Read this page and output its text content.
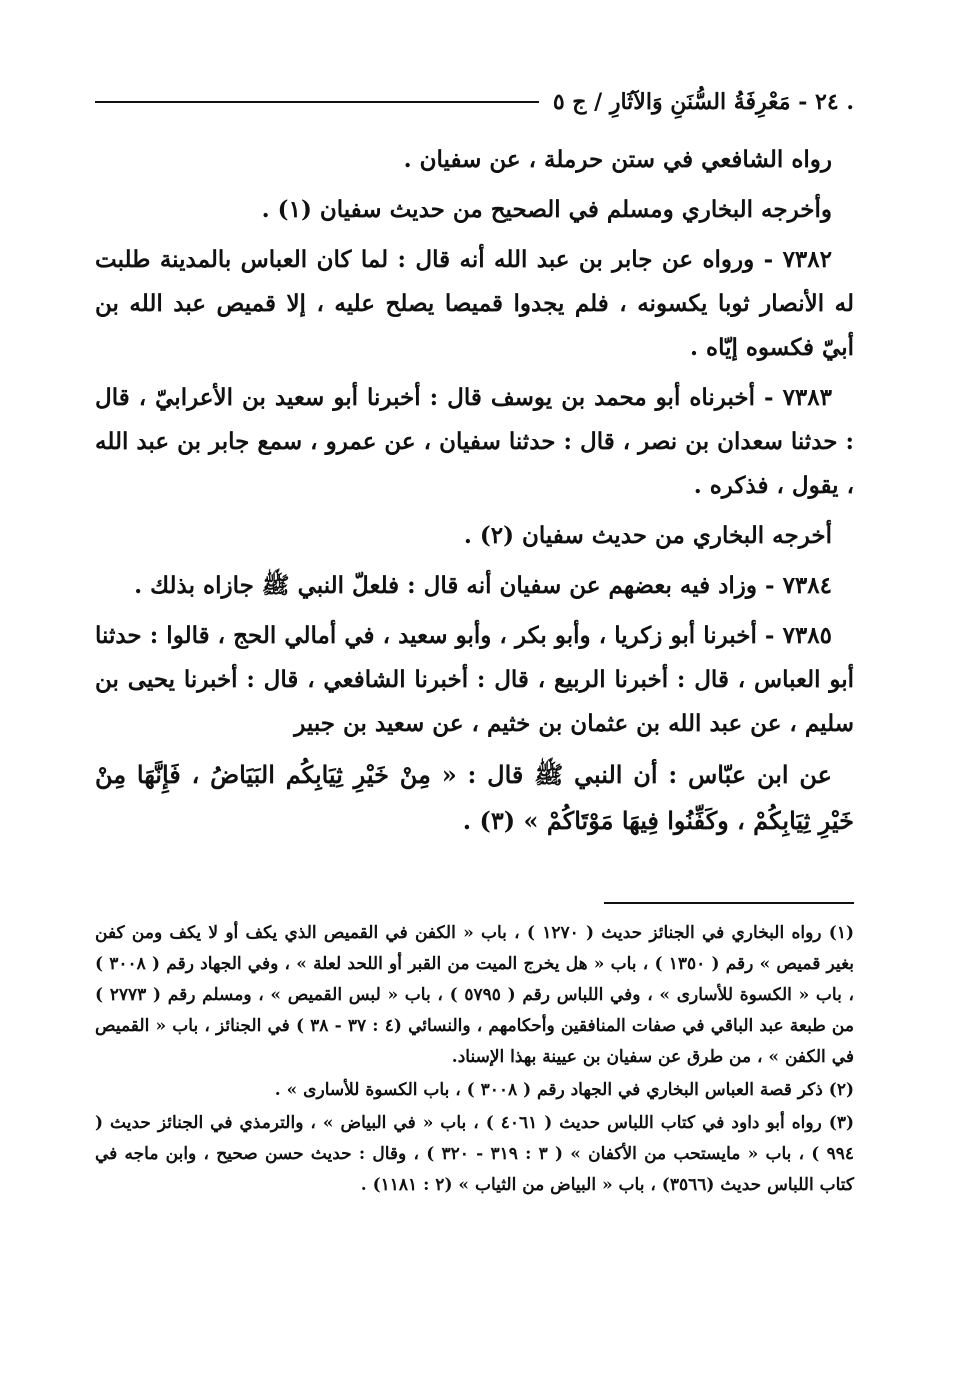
. ٢٤ - مَعْرِفَةُ السُّنَنِ وَالآثَارِ / ج ٥

رواه الشافعي في ستن حرملة ، عن سفيان .

وأخرجه البخاري ومسلم في الصحيح من حديث سفيان (١) .

٧٣٨٢ - ورواه عن جابر بن عبد الله أنه قال : لما كان العباس بالمدينة طلبت له الأنصار ثوبا يكسونه ، فلم يجدوا قميصا يصلح عليه ، إلا قميص عبد الله بن أبيّ فكسوه إيّاه .

٧٣٨٣ - أخبرناه أبو محمد بن يوسف قال : أخبرنا أبو سعيد بن الأعرابيّ ، قال : حدثنا سعدان بن نصر ، قال : حدثنا سفيان ، عن عمرو ، سمع جابر بن عبد الله ، يقول ، فذكره .

أخرجه البخاري من حديث سفيان (٢) .

٧٣٨٤ - وزاد فيه بعضهم عن سفيان أنه قال : فلعلّ النبي ﷺ جازاه بذلك .

٧٣٨٥ - أخبرنا أبو زكريا ، وأبو بكر ، وأبو سعيد ، في أمالي الحج ، قالوا : حدثنا أبو العباس ، قال : أخبرنا الربيع ، قال : أخبرنا الشافعي ، قال : أخبرنا يحيى بن سليم ، عن عبد الله بن عثمان بن خثيم ، عن سعيد بن جبير

عن ابن عبّاس : أن النبي ﷺ قال : « مِنْ خَيْرِ ثِيَابِكُم البَيَاضُ ، فَإِنَّهَا مِنْ خَيْرِ ثِيَابِكُمْ ، وكَفِّنُوا فِيهَا مَوْتَاكُمْ » (٣) .

(١) رواه البخاري في الجنائز حديث ( ١٢٧٠ ) ، باب « الكفن في القميص الذي يكف أو لا يكف ومن كفن بغير قميص » رقم ( ١٣٥٠ ) ، باب « هل يخرج الميت من القبر أو اللحد لعلة » ، وفي الجهاد رقم ( ٣٠٠٨ ) ، باب « الكسوة للأسارى » ، وفي اللباس رقم ( ٥٧٩٥ ) ، باب « لبس القميص » ، ومسلم رقم ( ٢٧٧٣ ) من طبعة عبد الباقي في صفات المنافقين وأحكامهم ، والنسائي (٤ : ٣٧ - ٣٨ ) في الجنائز ، باب « القميص في الكفن » ، من طرق عن سفيان بن عيينة بهذا الإسناد.

(٢) ذكر قصة العباس البخاري في الجهاد رقم ( ٣٠٠٨ ) ، باب الكسوة للأسارى » .

(٣) رواه أبو داود في كتاب اللباس حديث ( ٤٠٦١ ) ، باب « في البياض » ، والترمذي في الجنائز حديث ( ٩٩٤ ) ، باب « مايستحب من الأكفان » ( ٣ : ٣١٩ - ٣٢٠ ) ، وقال : حديث حسن صحيح ، وابن ماجه في كتاب اللباس حديث (٣٥٦٦) ، باب « البياض من الثياب » (٢ : ١١٨١) .
